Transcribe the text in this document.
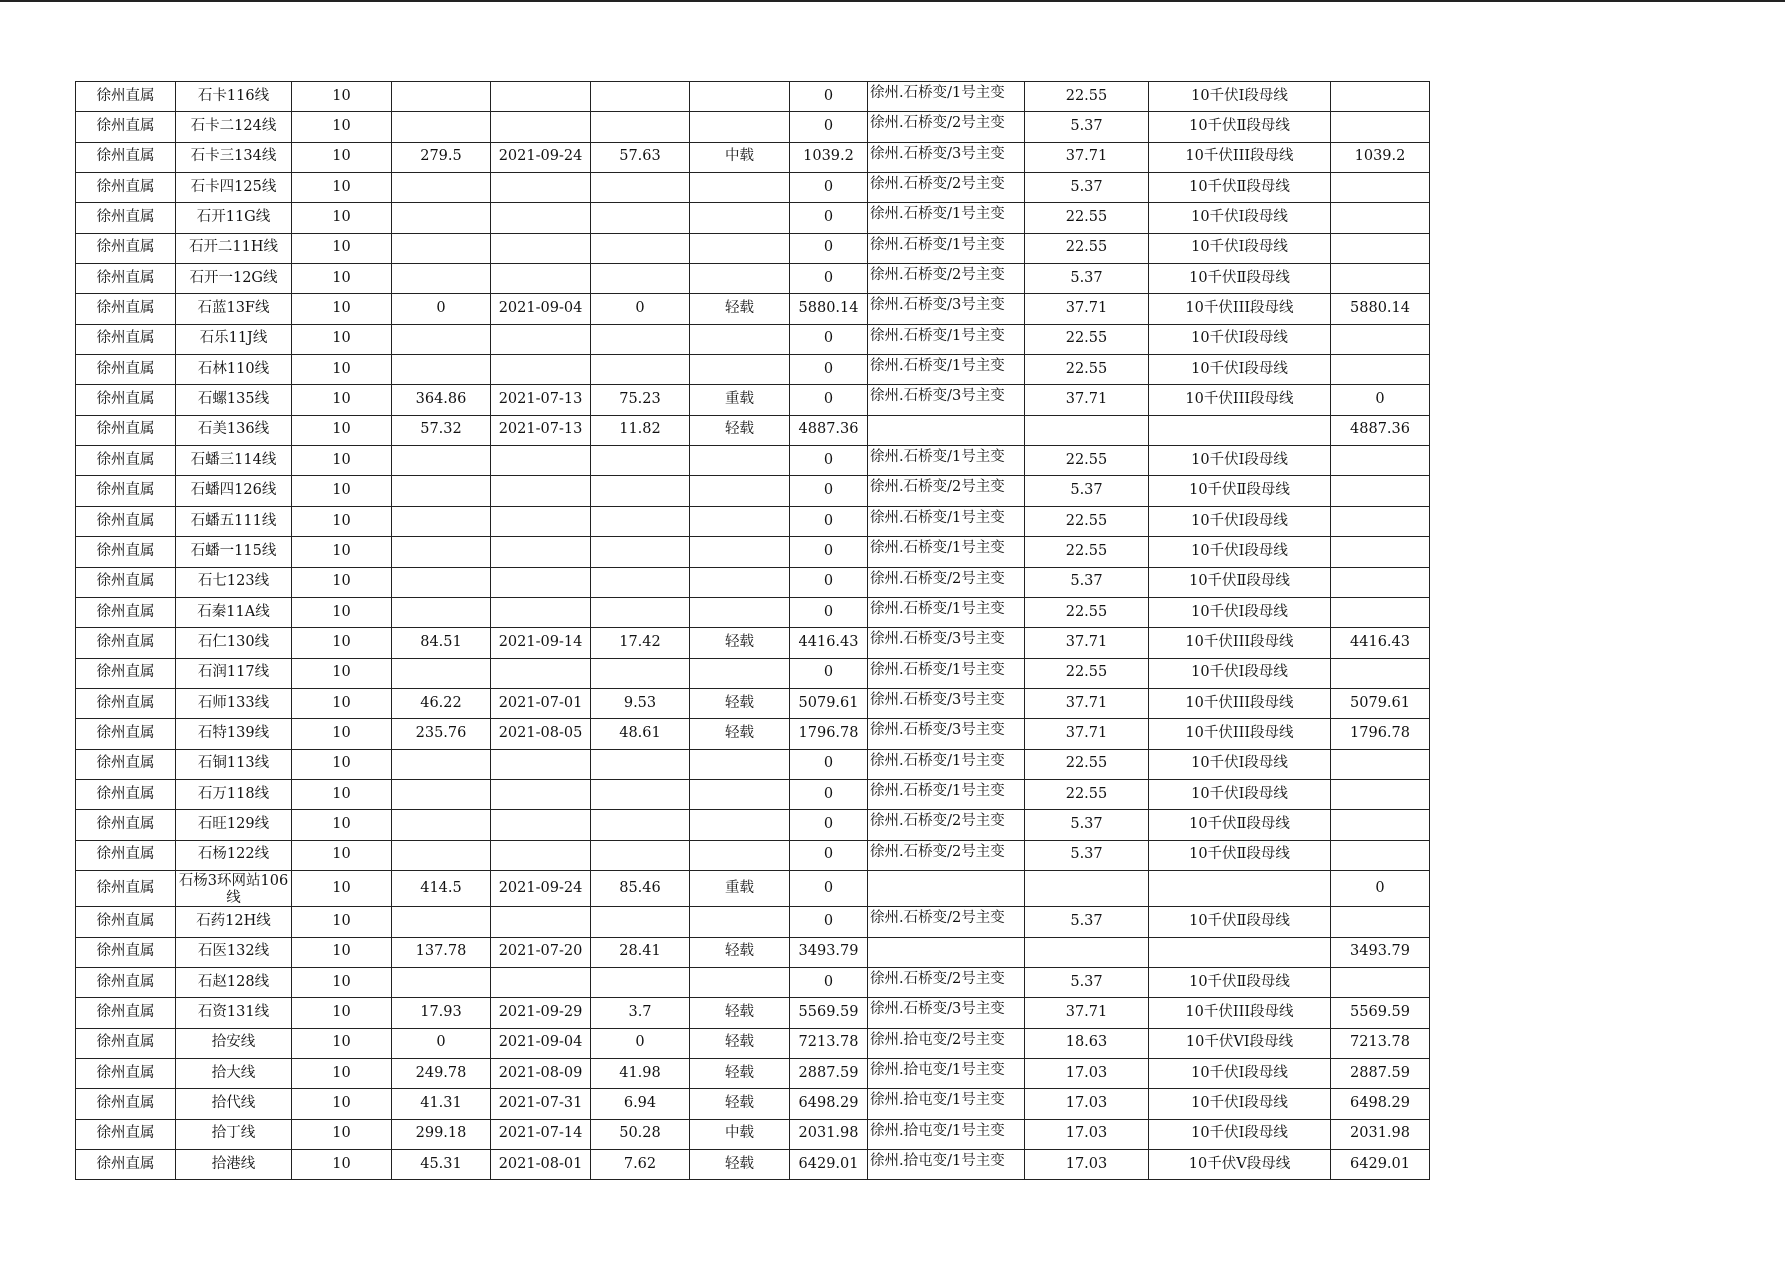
徐州直属	石卡116线	10					0	徐州.石桥变/1号主变	22.55	10千伏Ⅰ段母线	
徐州直属	石卡二124线	10					0	徐州.石桥变/2号主变	5.37	10千伏Ⅱ段母线	
徐州直属	石卡三134线	10	279.5	2021-09-24	57.63	中载	1039.2	徐州.石桥变/3号主变	37.71	10千伏III段母线	1039.2
徐州直属	石卡四125线	10					0	徐州.石桥变/2号主变	5.37	10千伏Ⅱ段母线	
徐州直属	石开11G线	10					0	徐州.石桥变/1号主变	22.55	10千伏Ⅰ段母线	
徐州直属	石开二11H线	10					0	徐州.石桥变/1号主变	22.55	10千伏Ⅰ段母线	
徐州直属	石开一12G线	10					0	徐州.石桥变/2号主变	5.37	10千伏Ⅱ段母线	
徐州直属	石蓝13F线	10	0	2021-09-04	0	轻载	5880.14	徐州.石桥变/3号主变	37.71	10千伏III段母线	5880.14
徐州直属	石乐11J线	10					0	徐州.石桥变/1号主变	22.55	10千伏Ⅰ段母线	
徐州直属	石林110线	10					0	徐州.石桥变/1号主变	22.55	10千伏Ⅰ段母线	
徐州直属	石螺135线	10	364.86	2021-07-13	75.23	重载	0	徐州.石桥变/3号主变	37.71	10千伏III段母线	0
徐州直属	石美136线	10	57.32	2021-07-13	11.82	轻载	4887.36				4887.36
徐州直属	石蟠三114线	10					0	徐州.石桥变/1号主变	22.55	10千伏Ⅰ段母线	
徐州直属	石蟠四126线	10					0	徐州.石桥变/2号主变	5.37	10千伏Ⅱ段母线	
徐州直属	石蟠五111线	10					0	徐州.石桥变/1号主变	22.55	10千伏Ⅰ段母线	
徐州直属	石蟠一115线	10					0	徐州.石桥变/1号主变	22.55	10千伏Ⅰ段母线	
徐州直属	石七123线	10					0	徐州.石桥变/2号主变	5.37	10千伏Ⅱ段母线	
徐州直属	石秦11A线	10					0	徐州.石桥变/1号主变	22.55	10千伏Ⅰ段母线	
徐州直属	石仁130线	10	84.51	2021-09-14	17.42	轻载	4416.43	徐州.石桥变/3号主变	37.71	10千伏III段母线	4416.43
徐州直属	石润117线	10					0	徐州.石桥变/1号主变	22.55	10千伏Ⅰ段母线	
徐州直属	石师133线	10	46.22	2021-07-01	9.53	轻载	5079.61	徐州.石桥变/3号主变	37.71	10千伏III段母线	5079.61
徐州直属	石特139线	10	235.76	2021-08-05	48.61	轻载	1796.78	徐州.石桥变/3号主变	37.71	10千伏III段母线	1796.78
徐州直属	石铜113线	10					0	徐州.石桥变/1号主变	22.55	10千伏Ⅰ段母线	
徐州直属	石万118线	10					0	徐州.石桥变/1号主变	22.55	10千伏Ⅰ段母线	
徐州直属	石旺129线	10					0	徐州.石桥变/2号主变	5.37	10千伏Ⅱ段母线	
徐州直属	石杨122线	10					0	徐州.石桥变/2号主变	5.37	10千伏Ⅱ段母线	
徐州直属	石杨3环网站106线	10	414.5	2021-09-24	85.46	重载	0				0
徐州直属	石药12H线	10					0	徐州.石桥变/2号主变	5.37	10千伏Ⅱ段母线	
徐州直属	石医132线	10	137.78	2021-07-20	28.41	轻载	3493.79				3493.79
徐州直属	石赵128线	10					0	徐州.石桥变/2号主变	5.37	10千伏Ⅱ段母线	
徐州直属	石资131线	10	17.93	2021-09-29	3.7	轻载	5569.59	徐州.石桥变/3号主变	37.71	10千伏III段母线	5569.59
徐州直属	拾安线	10	0	2021-09-04	0	轻载	7213.78	徐州.拾屯变/2号主变	18.63	10千伏VI段母线	7213.78
徐州直属	拾大线	10	249.78	2021-08-09	41.98	轻载	2887.59	徐州.拾屯变/1号主变	17.03	10千伏Ⅰ段母线	2887.59
徐州直属	拾代线	10	41.31	2021-07-31	6.94	轻载	6498.29	徐州.拾屯变/1号主变	17.03	10千伏Ⅰ段母线	6498.29
徐州直属	拾丁线	10	299.18	2021-07-14	50.28	中载	2031.98	徐州.拾屯变/1号主变	17.03	10千伏Ⅰ段母线	2031.98
徐州直属	拾港线	10	45.31	2021-08-01	7.62	轻载	6429.01	徐州.拾屯变/1号主变	17.03	10千伏Ⅴ段母线	6429.01
